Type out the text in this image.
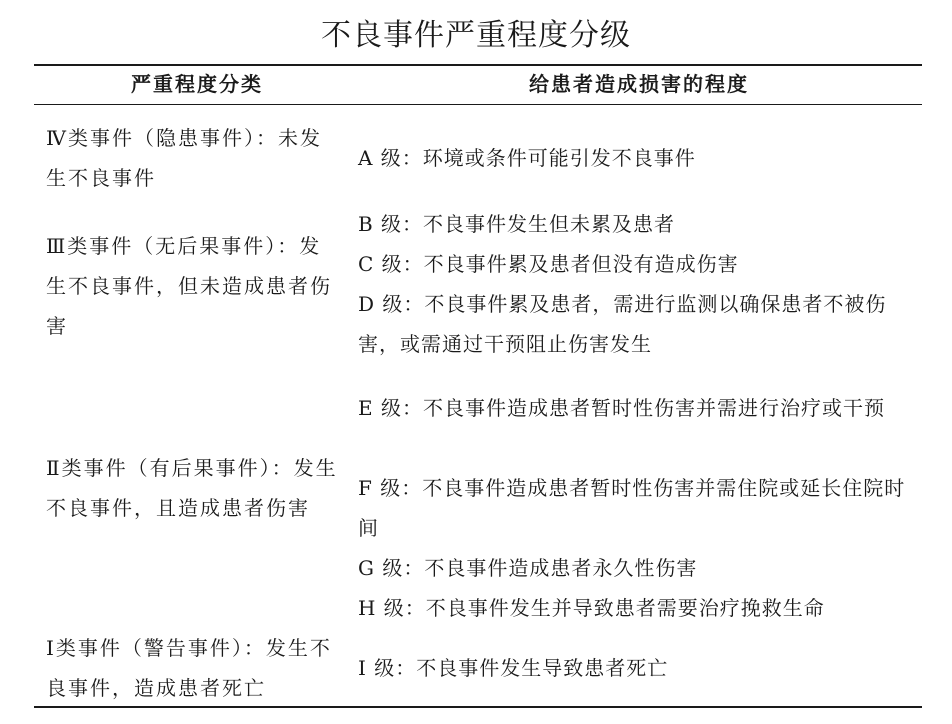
不良事件严重程度分级
严重程度分类	给患者造成损害的程度
Ⅳ类事件（隐患事件）：未发生不良事件
Ⅲ类事件（无后果事件）：发生不良事件，但未造成患者伤害
Ⅱ类事件（有后果事件）：发生不良事件，且造成患者伤害
Ⅰ类事件（警告事件）：发生不良事件，造成患者死亡
A 级：环境或条件可能引发不良事件
B 级：不良事件发生但未累及患者
C 级：不良事件累及患者但没有造成伤害
D 级：不良事件累及患者，需进行监测以确保患者不被伤害，或需通过干预阻止伤害发生
E 级：不良事件造成患者暂时性伤害并需进行治疗或干预
F 级：不良事件造成患者暂时性伤害并需住院或延长住院时间
G 级：不良事件造成患者永久性伤害
H 级：不良事件发生并导致患者需要治疗挽救生命
I 级：不良事件发生导致患者死亡
